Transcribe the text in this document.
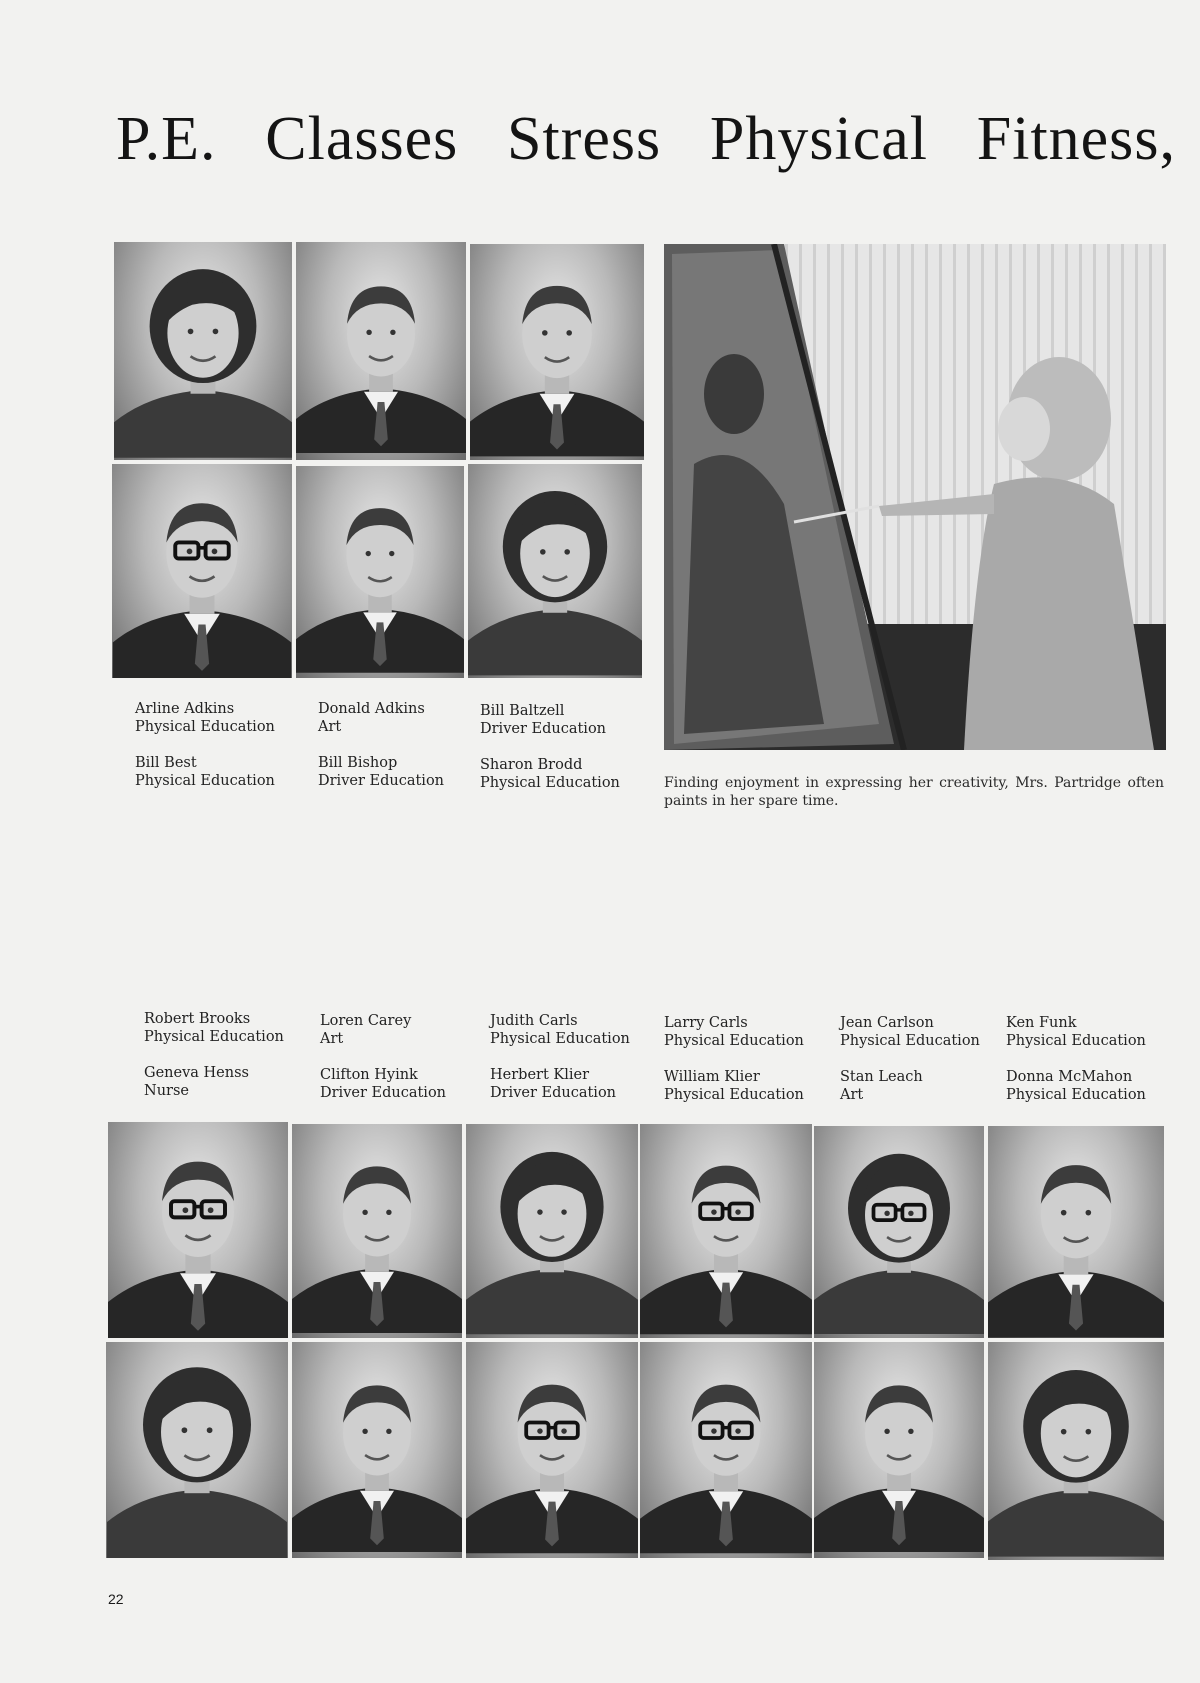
P.E. Classes Stress Physical Fitness,
Arline Adkins
Physical Education
Donald Adkins
Art
Bill Baltzell
Driver Education
Bill Best
Physical Education
Bill Bishop
Driver Education
Sharon Brodd
Physical Education	Finding enjoyment in expressing her creativity, Mrs. Partridge often paints in her spare time.
Robert Brooks
Physical Education
Loren Carey
Art
Judith Carls
Physical Education
Larry Carls
Physical Education
Jean Carlson
Physical Education
Ken Funk
Physical Education
Geneva Henss
Nurse
Clifton Hyink
Driver Education
Herbert Klier
Driver Education
William Klier
Physical Education
Stan Leach
Art
Donna McMahon
Physical Education
22
